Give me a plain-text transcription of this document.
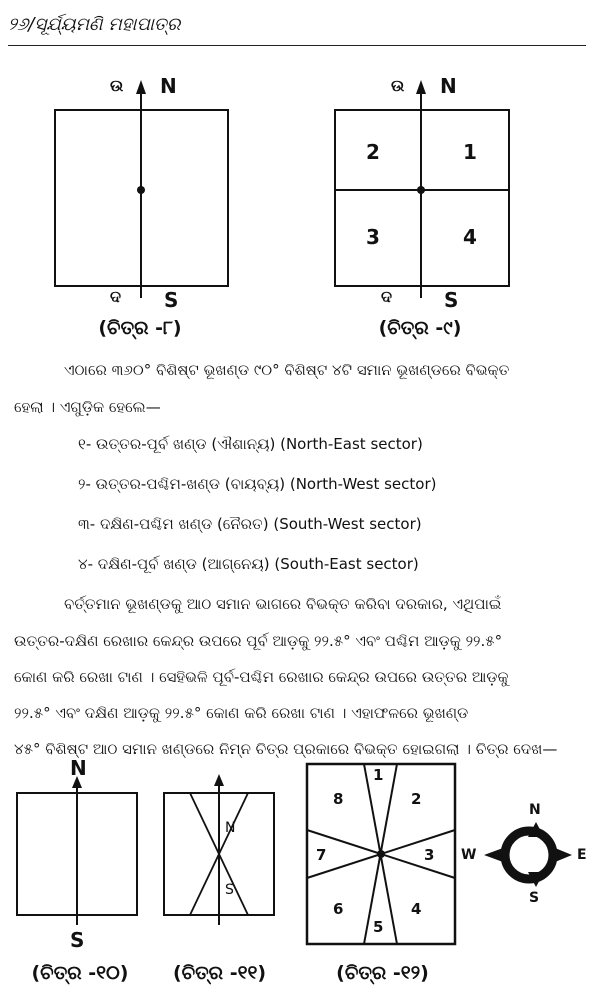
୨୬/ସୂର୍ଯ୍ୟମଣି ମହାପାତ୍ର
ଉ N
ଦ S
(ଚିତ୍ର -୮)
ଉ N
2	1
3	4
ଦ	S
(ଚିତ୍ର -୯)
ଏଠାରେ ୩୬୦° ବିଶିଷ୍ଟ ଭୂଖଣ୍ଡ ୯୦° ବିଶିଷ୍ଟ ୪ଟି ସମାନ ଭୂଖଣ୍ଡରେ ବିଭକ୍ତ
ହେଲା । ଏଗୁଡ଼ିକ ହେଲେ—
୧- ଉତ୍ତର-ପୂର୍ବ ଖଣ୍ଡ (ଐଶାନ୍ୟ) (North-East sector)
୨- ଉତ୍ତର-ପଶ୍ଚିମ-ଖଣ୍ଡ (ବାୟବ୍ୟ) (North-West sector)
୩- ଦକ୍ଷିଣ-ପଶ୍ଚିମ ଖଣ୍ଡ (ନୈରତ) (South-West sector)
୪- ଦକ୍ଷିଣ-ପୂର୍ବ ଖଣ୍ଡ (ଆଗ୍ନେୟ) (South-East sector)
ବର୍ତ୍ତମାନ ଭୂଖଣ୍ଡକୁ ଆଠ ସମାନ ଭାଗରେ ବିଭକ୍ତ କରିବା ଦରକାର, ଏଥିପାଇଁ
ଉତ୍ତର-ଦକ୍ଷିଣ ରେଖାର କେନ୍ଦ୍ର ଉପରେ ପୂର୍ବ ଆଡ଼କୁ ୨୨.୫° ଏବଂ ପଶ୍ଚିମ ଆଡ଼କୁ ୨୨.୫°
କୋଣ କରି ରେଖା ଟାଣ । ସେହିଭଳି ପୂର୍ବ-ପଶ୍ଚିମ ରେଖାର କେନ୍ଦ୍ର ଉପରେ ଉତ୍ତର ଆଡ଼କୁ
୨୨.୫° ଏବଂ ଦକ୍ଷିଣ ଆଡ଼କୁ ୨୨.୫° କୋଣ କରି ରେଖା ଟାଣ । ଏହାଫଳରେ ଭୂଖଣ୍ଡ
୪୫° ବିଶିଷ୍ଟ ଆଠ ସମାନ ଖଣ୍ଡରେ ନିମ୍ନ ଚିତ୍ର ପ୍ରକାରେ ବିଭକ୍ତ ହୋଇଗଲା । ଚିତ୍ର ଦେଖ—
N
S
(ଚିତ୍ର -୧୦)
N
S
(ଚିତ୍ର -୧୧)
1
2
3
4
5
6
7
8
(ଚିତ୍ର -୧୨)
N
S
W	E
